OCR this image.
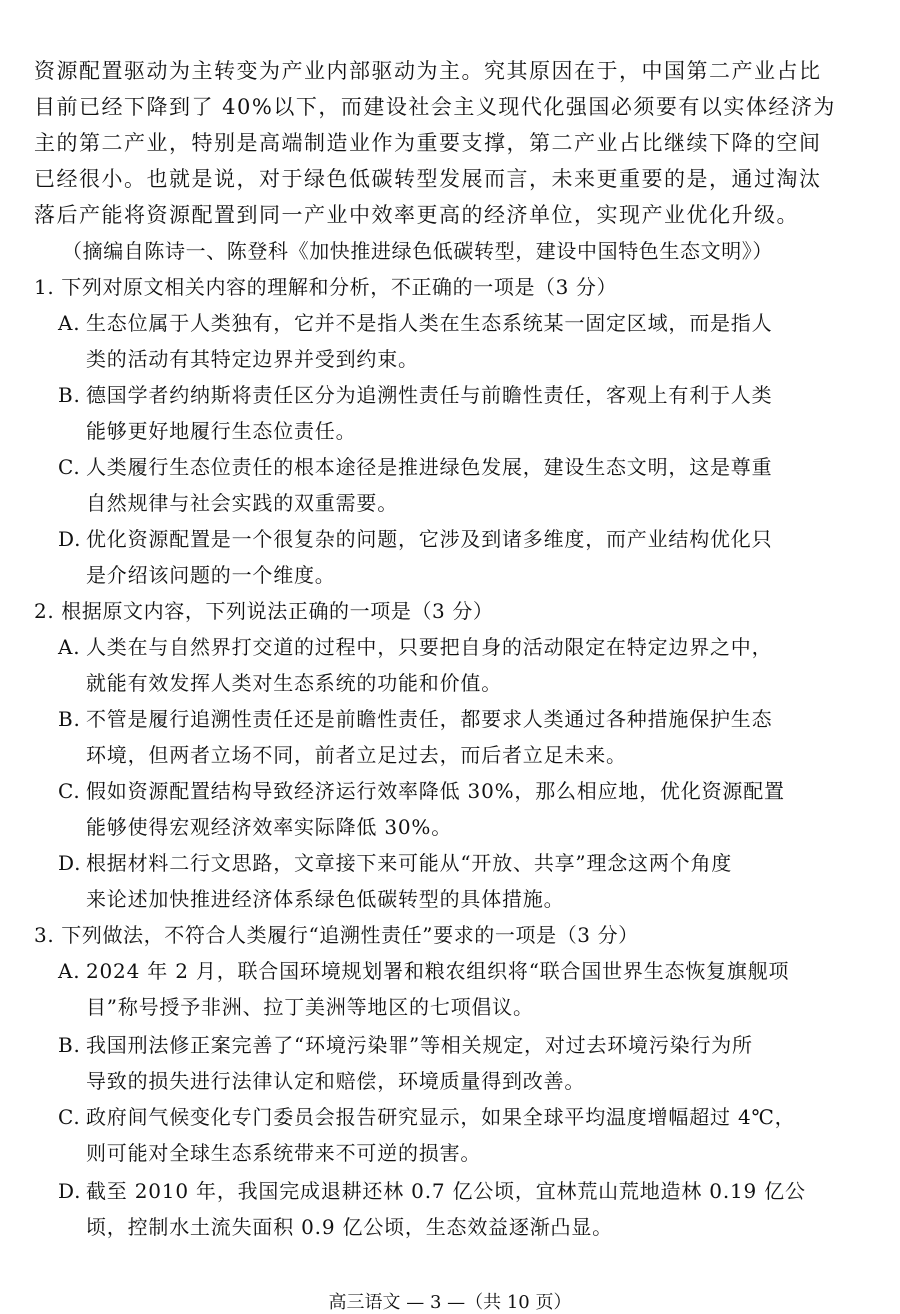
资源配置驱动为主转变为产业内部驱动为主。究其原因在于，中国第二产业占比
目前已经下降到了 40%以下，而建设社会主义现代化强国必须要有以实体经济为
主的第二产业，特别是高端制造业作为重要支撑，第二产业占比继续下降的空间
已经很小。也就是说，对于绿色低碳转型发展而言，未来更重要的是，通过淘汰
落后产能将资源配置到同一产业中效率更高的经济单位，实现产业优化升级。
（摘编自陈诗一、陈登科《加快推进绿色低碳转型，建设中国特色生态文明》）
1. 下列对原文相关内容的理解和分析，不正确的一项是（3 分）
A. 生态位属于人类独有，它并不是指人类在生态系统某一固定区域，而是指人
类的活动有其特定边界并受到约束。
B. 德国学者约纳斯将责任区分为追溯性责任与前瞻性责任，客观上有利于人类
能够更好地履行生态位责任。
C. 人类履行生态位责任的根本途径是推进绿色发展，建设生态文明，这是尊重
自然规律与社会实践的双重需要。
D. 优化资源配置是一个很复杂的问题，它涉及到诸多维度，而产业结构优化只
是介绍该问题的一个维度。
2. 根据原文内容，下列说法正确的一项是（3 分）
A. 人类在与自然界打交道的过程中，只要把自身的活动限定在特定边界之中，
就能有效发挥人类对生态系统的功能和价值。
B. 不管是履行追溯性责任还是前瞻性责任，都要求人类通过各种措施保护生态
环境，但两者立场不同，前者立足过去，而后者立足未来。
C. 假如资源配置结构导致经济运行效率降低 30%，那么相应地，优化资源配置
能够使得宏观经济效率实际降低 30%。
D. 根据材料二行文思路，文章接下来可能从“开放、共享”理念这两个角度
来论述加快推进经济体系绿色低碳转型的具体措施。
3. 下列做法，不符合人类履行“追溯性责任”要求的一项是（3 分）
A. 2024 年 2 月，联合国环境规划署和粮农组织将“联合国世界生态恢复旗舰项
目”称号授予非洲、拉丁美洲等地区的七项倡议。
B. 我国刑法修正案完善了“环境污染罪”等相关规定，对过去环境污染行为所
导致的损失进行法律认定和赔偿，环境质量得到改善。
C. 政府间气候变化专门委员会报告研究显示，如果全球平均温度增幅超过 4℃，
则可能对全球生态系统带来不可逆的损害。
D. 截至 2010 年，我国完成退耕还林 0.7 亿公顷，宜林荒山荒地造林 0.19 亿公
顷，控制水土流失面积 0.9 亿公顷，生态效益逐渐凸显。
高三语文 — 3 —（共 10 页）
